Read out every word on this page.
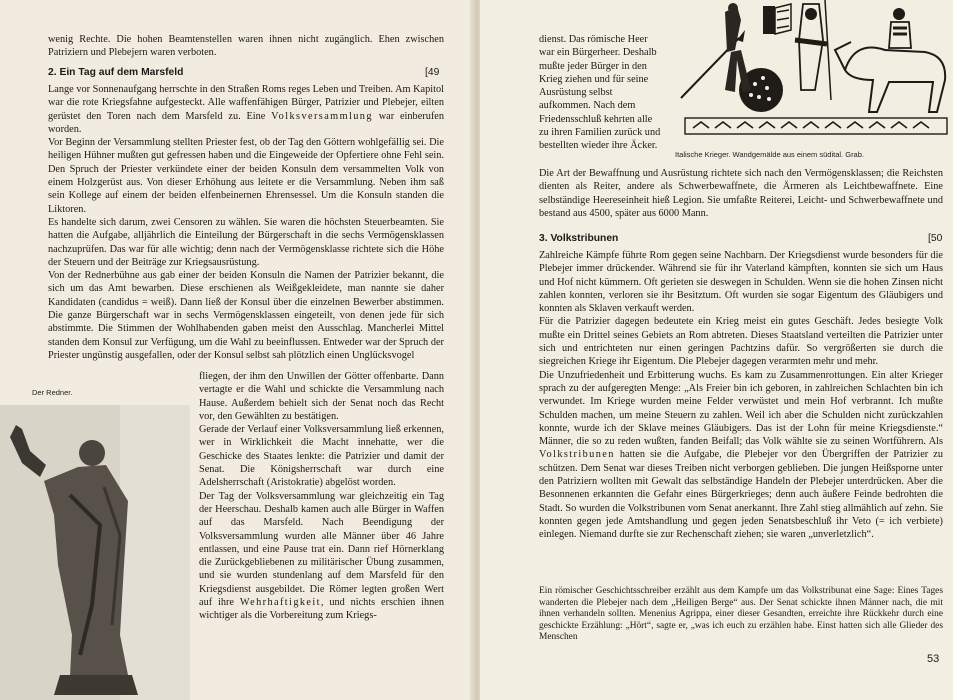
wenig Rechte. Die hohen Beamtenstellen waren ihnen nicht zugänglich. Ehen zwischen Patriziern und Plebejern waren verboten.
2. Ein Tag auf dem Marsfeld	[49

Lange vor Sonnenaufgang herrschte in den Straßen Roms reges Leben und Treiben. Am Kapitol war die rote Kriegsfahne aufgesteckt. Alle waffenfähigen Bürger, Patrizier und Plebejer, eilten gerüstet den Toren nach dem Marsfeld zu. Eine Volksversammlung war einberufen worden.

Vor Beginn der Versammlung stellten Priester fest, ob der Tag den Göttern wohlgefällig sei. Die heiligen Hühner mußten gut gefressen haben und die Eingeweide der Opfertiere ohne Fehl sein. Den Spruch der Priester verkündete einer der beiden Konsuln dem versammelten Volk von einem Holzgerüst aus. Von dieser Erhöhung aus leitete er die Versammlung. Neben ihm saß sein Kollege auf einem der beiden elfenbeinernen Ehrensessel. Um die Konsuln standen die Liktoren.

Es handelte sich darum, zwei Censoren zu wählen. Sie waren die höchsten Steuerbeamten. Sie hatten die Aufgabe, alljährlich die Einteilung der Bürgerschaft in die sechs Vermögensklassen nachzuprüfen. Das war für alle wichtig; denn nach der Vermögensklasse richtete sich die Höhe der Steuern und der Beiträge zur Kriegsausrüstung.

Von der Rednerbühne aus gab einer der beiden Konsuln die Namen der Patrizier bekannt, die sich um das Amt bewarben. Diese erschienen als Weißgekleidete, man nannte sie daher Kandidaten (candidus = weiß). Dann ließ der Konsul über die einzelnen Bewerber abstimmen. Die ganze Bürgerschaft war in sechs Vermögensklassen eingeteilt, von denen jede für sich abstimmte. Die Stimmen der Wohlhabenden gaben meist den Ausschlag. Mancherlei Mittel standen dem Konsul zur Verfügung, um die Wahl zu beeinflussen. Entweder war der Spruch der Priester ungünstig ausgefallen, oder der Konsul selbst sah plötzlich einen Unglücksvogel

Der Redner.

fliegen, der ihm den Unwillen der Götter offenbarte. Dann vertagte er die Wahl und schickte die Versammlung nach Hause. Außerdem behielt sich der Senat noch das Recht vor, den Gewählten zu bestätigen.

Gerade der Verlauf einer Volksversammlung ließ erkennen, wer in Wirklichkeit die Macht innehatte, wer die Geschicke des Staates lenkte: die Patrizier und damit der Senat. Die Königsherrschaft war durch eine Adelsherrschaft (Aristokratie) abgelöst worden.

Der Tag der Volksversammlung war gleichzeitig ein Tag der Heerschau. Deshalb kamen auch alle Bürger in Waffen auf das Marsfeld. Nach Beendigung der Volksversammlung wurden alle Männer über 46 Jahre entlassen, und eine Pause trat ein. Dann rief Hörnerklang die Zurückgebliebenen zu militärischer Übung zusammen, und sie wurden stundenlang auf dem Marsfeld für den Kriegsdienst ausgebildet. Die Römer legten großen Wert auf ihre Wehrhaftigkeit, und nichts erschien ihnen wichtiger als die Vorbereitung zum Kriegs-

dienst. Das römische Heer war ein Bürgerheer. Deshalb mußte jeder Bürger in den Krieg ziehen und für seine Ausrüstung selbst aufkommen. Nach dem Friedensschluß kehrten alle zu ihren Familien zurück und bestellten wieder ihre Äcker.
Italische Krieger. Wandgemälde aus einem südital. Grab.

Die Art der Bewaffnung und Ausrüstung richtete sich nach den Vermögensklassen; die Reichsten dienten als Reiter, andere als Schwerbewaffnete, die Ärmeren als Leichtbewaffnete. Eine selbständige Heereseinheit hieß Legion. Sie umfaßte Reiterei, Leicht- und Schwerbewaffnete und bestand aus 4500, später aus 6000 Mann.

3. Volkstribunen	[50

Zahlreiche Kämpfe führte Rom gegen seine Nachbarn. Der Kriegsdienst wurde besonders für die Plebejer immer drückender. Während sie für ihr Vaterland kämpften, konnten sie sich um Haus und Hof nicht kümmern. Oft gerieten sie deswegen in Schulden. Wenn sie die hohen Zinsen nicht zahlen konnten, verloren sie ihr Besitztum. Oft wurden sie sogar Eigentum des Gläubigers und konnten als Sklaven verkauft werden.

Für die Patrizier dagegen bedeutete ein Krieg meist ein gutes Geschäft. Jedes besiegte Volk mußte ein Drittel seines Gebiets an Rom abtreten. Dieses Staatsland verteilten die Patrizier unter sich und entrichteten nur einen geringen Pachtzins dafür. So vergrößerten sie durch die siegreichen Kriege ihr Eigentum. Die Plebejer dagegen verarmten mehr und mehr.

Die Unzufriedenheit und Erbitterung wuchs. Es kam zu Zusammenrottungen. Ein alter Krieger sprach zu der aufgeregten Menge: „Als Freier bin ich geboren, in zahlreichen Schlachten bin ich verwundet. Im Kriege wurden meine Felder verwüstet und mein Hof verbrannt. Ich mußte Schulden machen, um meine Steuern zu zahlen. Weil ich aber die Schulden nicht zurückzahlen konnte, wurde ich der Sklave meines Gläubigers. Das ist der Lohn für meine Kriegsdienste.“ Männer, die so zu reden wußten, fanden Beifall; das Volk wählte sie zu seinen Wortführern. Als Volkstribunen hatten sie die Aufgabe, die Plebejer vor den Übergriffen der Patrizier zu schützen. Dem Senat war dieses Treiben nicht verborgen geblieben. Die jungen Heißsporne unter den Patriziern wollten mit Gewalt das selbständige Handeln der Plebejer unterdrücken. Aber die Besonnenen erkannten die Gefahr eines Bürgerkrieges; denn auch äußere Feinde bedrohten die Stadt. So wurden die Volkstribunen vom Senat anerkannt. Ihre Zahl stieg allmählich auf zehn. Sie konnten gegen jede Amtshandlung und gegen jeden Senatsbeschluß ihr Veto (= ich verbiete) einlegen. Niemand durfte sie zur Rechenschaft ziehen; sie waren „unverletzlich“.

Ein römischer Geschichtsschreiber erzählt aus dem Kampfe um das Volkstribunat eine Sage: Eines Tages wanderten die Plebejer nach dem „Heiligen Berge“ aus. Der Senat schickte ihnen Männer nach, die mit ihnen verhandeln sollten. Menenius Agrippa, einer dieser Gesandten, erreichte ihre Rückkehr durch eine geschickte Erzählung: „Hört“, sagte er, „was ich euch zu erzählen habe. Einst hatten sich alle Glieder des Menschen

53
